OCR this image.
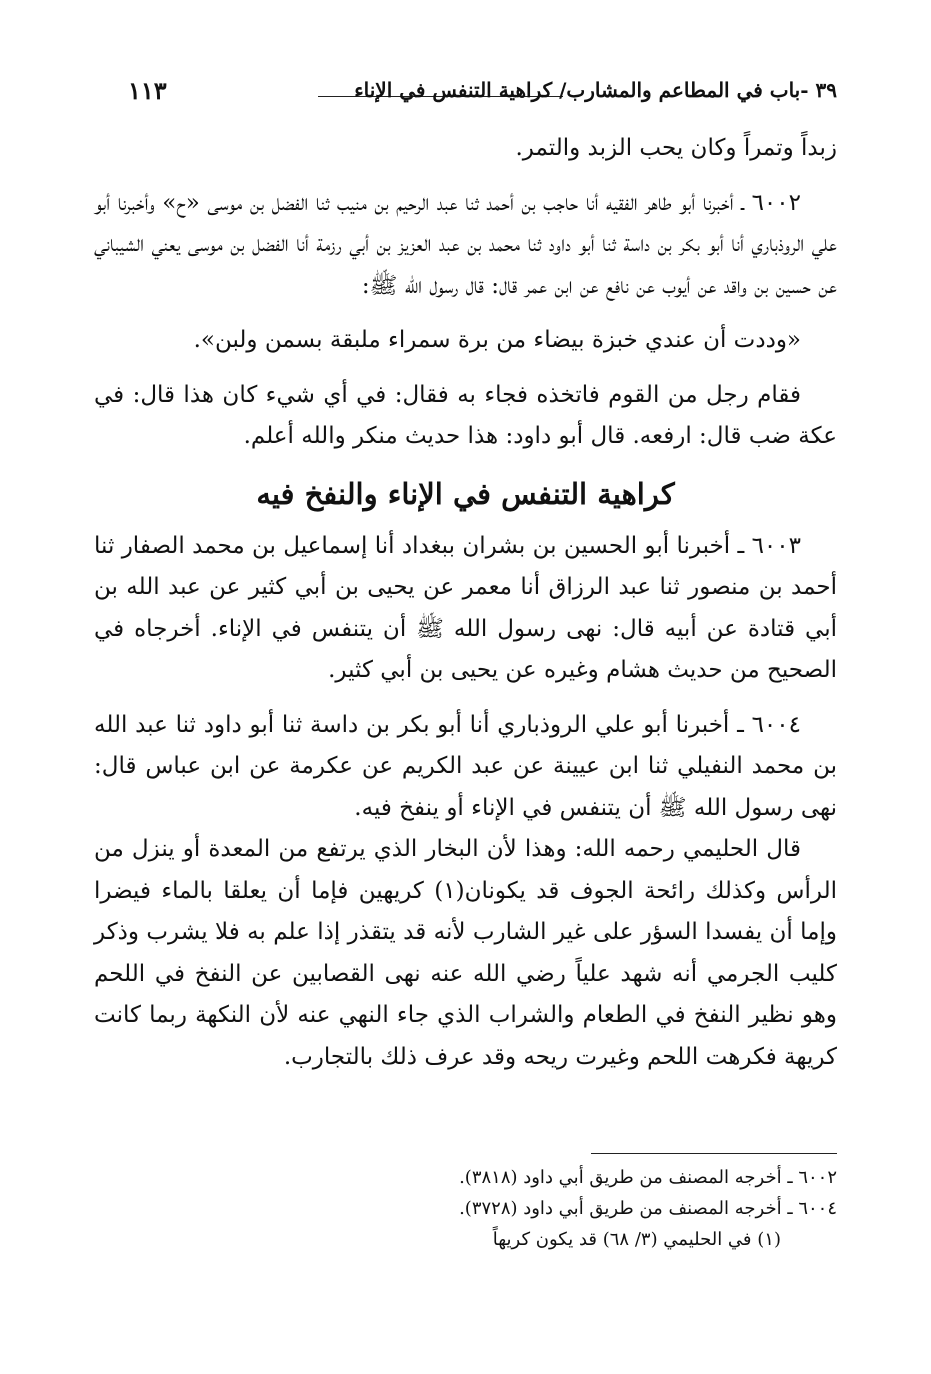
١١٣	٣٩ -باب في المطاعم والمشارب/ كراهية التنفس في الإناء

زبداً وتمراً وكان يحب الزبد والتمر.

٦٠٠٢ ـ أخبرنا أبو طاهر الفقيه أنا حاجب بن أحمد ثنا عبد الرحيم بن منيب ثنا الفضل بن موسى «ح» وأخبرنا أبو علي الروذباري أنا أبو بكر بن داسة ثنا أبو داود ثنا محمد بن عبد العزيز بن أبي رزمة أنا الفضل بن موسى يعني الشيباني عن حسين بن واقد عن أيوب عن نافع عن ابن عمر قال: قال رسول الله ﷺ:

«وددت أن عندي خبزة بيضاء من برة سمراء ملبقة بسمن ولبن».

فقام رجل من القوم فاتخذه فجاء به فقال: في أي شيء كان هذا قال: في عكة ضب قال: ارفعه. قال أبو داود: هذا حديث منكر والله أعلم.

كراهية التنفس في الإناء والنفخ فيه

٦٠٠٣ ـ أخبرنا أبو الحسين بن بشران ببغداد أنا إسماعيل بن محمد الصفار ثنا أحمد بن منصور ثنا عبد الرزاق أنا معمر عن يحيى بن أبي كثير عن عبد الله بن أبي قتادة عن أبيه قال: نهى رسول الله ﷺ أن يتنفس في الإناء. أخرجاه في الصحيح من حديث هشام وغيره عن يحيى بن أبي كثير.

٦٠٠٤ ـ أخبرنا أبو علي الروذباري أنا أبو بكر بن داسة ثنا أبو داود ثنا عبد الله بن محمد النفيلي ثنا ابن عيينة عن عبد الكريم عن عكرمة عن ابن عباس قال: نهى رسول الله ﷺ أن يتنفس في الإناء أو ينفخ فيه.

قال الحليمي رحمه الله: وهذا لأن البخار الذي يرتفع من المعدة أو ينزل من الرأس وكذلك رائحة الجوف قد يكونان(١) كريهين فإما أن يعلقا بالماء فيضرا وإما أن يفسدا السؤر على غير الشارب لأنه قد يتقذر إذا علم به فلا يشرب وذكر كليب الجرمي أنه شهد علياً رضي الله عنه نهى القصابين عن النفخ في اللحم وهو نظير النفخ في الطعام والشراب الذي جاء النهي عنه لأن النكهة ربما كانت كريهة فكرهت اللحم وغيرت ريحه وقد عرف ذلك بالتجارب.

٦٠٠٢ ـ أخرجه المصنف من طريق أبي داود (٣٨١٨).

٦٠٠٤ ـ أخرجه المصنف من طريق أبي داود (٣٧٢٨).

(١) في الحليمي (٣/ ٦٨) قد يكون كريهاً
